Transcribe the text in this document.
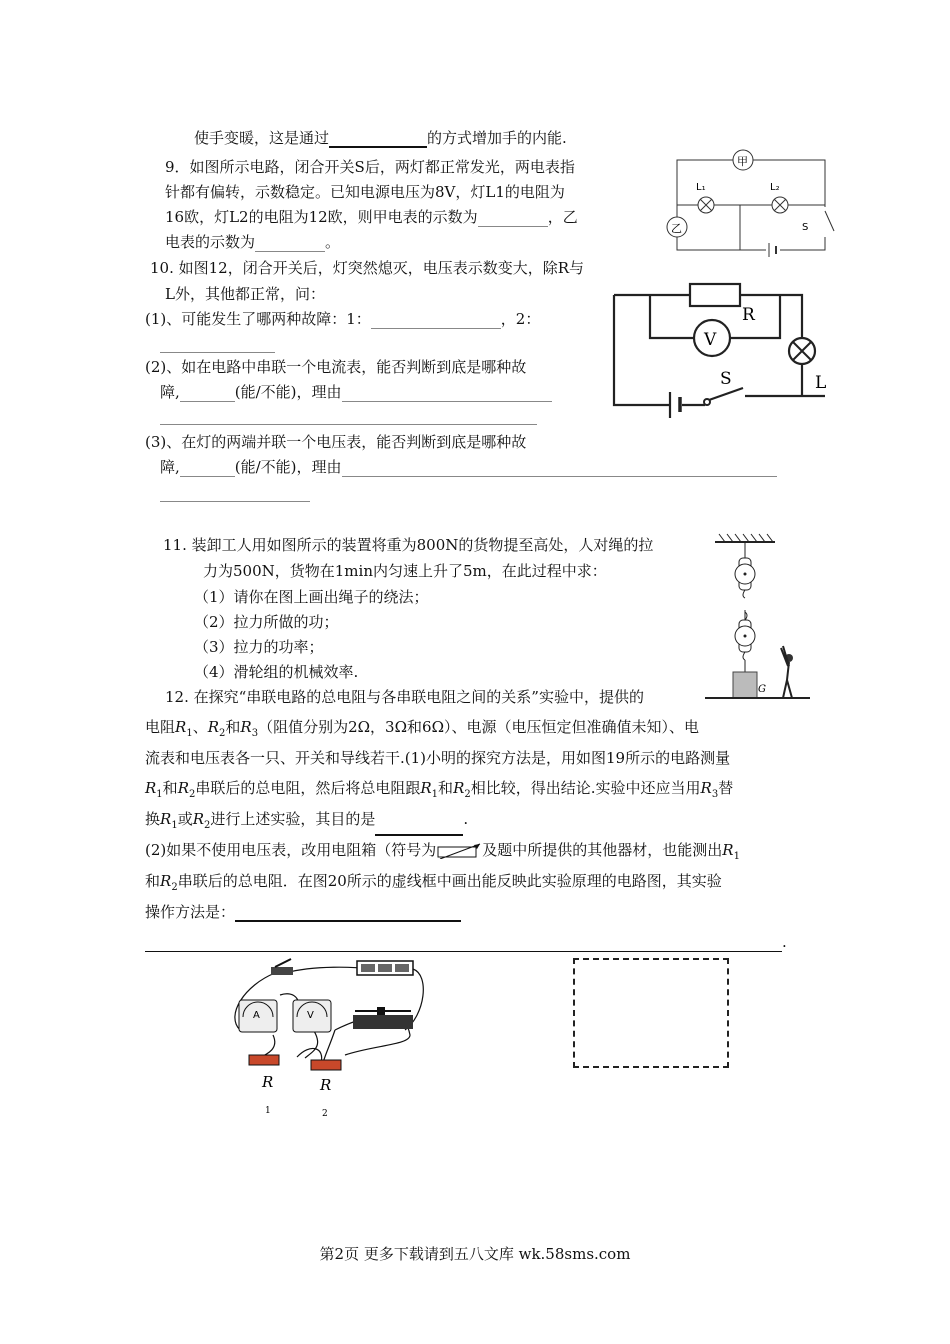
使手变暖，这是通过	的方式增加手的内能.
9．如图所示电路，闭合开关S后，两灯都正常发光，两电表指
针都有偏转，示数稳定。已知电源电压为8V，灯L1的电阻为
16欧，灯L2的电阻为12欧，则甲电表的示数为	，乙
电表的示数为	。
甲
乙
L₁	L₂
S
10. 如图12，闭合开关后，灯突然熄灭，电压表示数变大，除R与
L外，其他都正常，问：
(1)、可能发生了哪两种故障：1：	，2：
(2)、如在电路中串联一个电流表，能否判断到底是哪种故
障,	(能/不能)，理由
(3)、在灯的两端并联一个电压表，能否判断到底是哪种故
障,	(能/不能)，理由
V
R
L
S
11. 装卸工人用如图所示的装置将重为800N的货物提至高处，人对绳的拉
力为500N，货物在1min内匀速上升了5m，在此过程中求：
（1）请你在图上画出绳子的绕法；
（2）拉力所做的功；
（3）拉力的功率；
（4）滑轮组的机械效率.
G
12. 在探究“串联电路的总电阻与各串联电阻之间的关系”实验中，提供的
电阻$R_1$、$R_2$和$R_3$（阻值分别为2Ω，3Ω和6Ω）、电源（电压恒定但准确值未知）、电
流表和电压表各一只、开关和导线若干.(1)小明的探究方法是，用如图19所示的电路测量
$R_1$和$R_2$串联后的总电阻，然后将总电阻跟$R_1$和$R_2$相比较，得出结论.实验中还应当用$R_3$替
换$R_1$或$R_2$进行上述实验，其目的是	.
(2)如果不使用电压表，改用电阻箱（符号为	及题中所提供的其他器材，也能测出$R_1$
和$R_2$串联后的总电阻．在图20所示的虚线框中画出能反映此实验原理的电路图，其实验
操作方法是：
.
A	V
R
1
R
2
第2页 更多下载请到五八文库 wk.58sms.com
